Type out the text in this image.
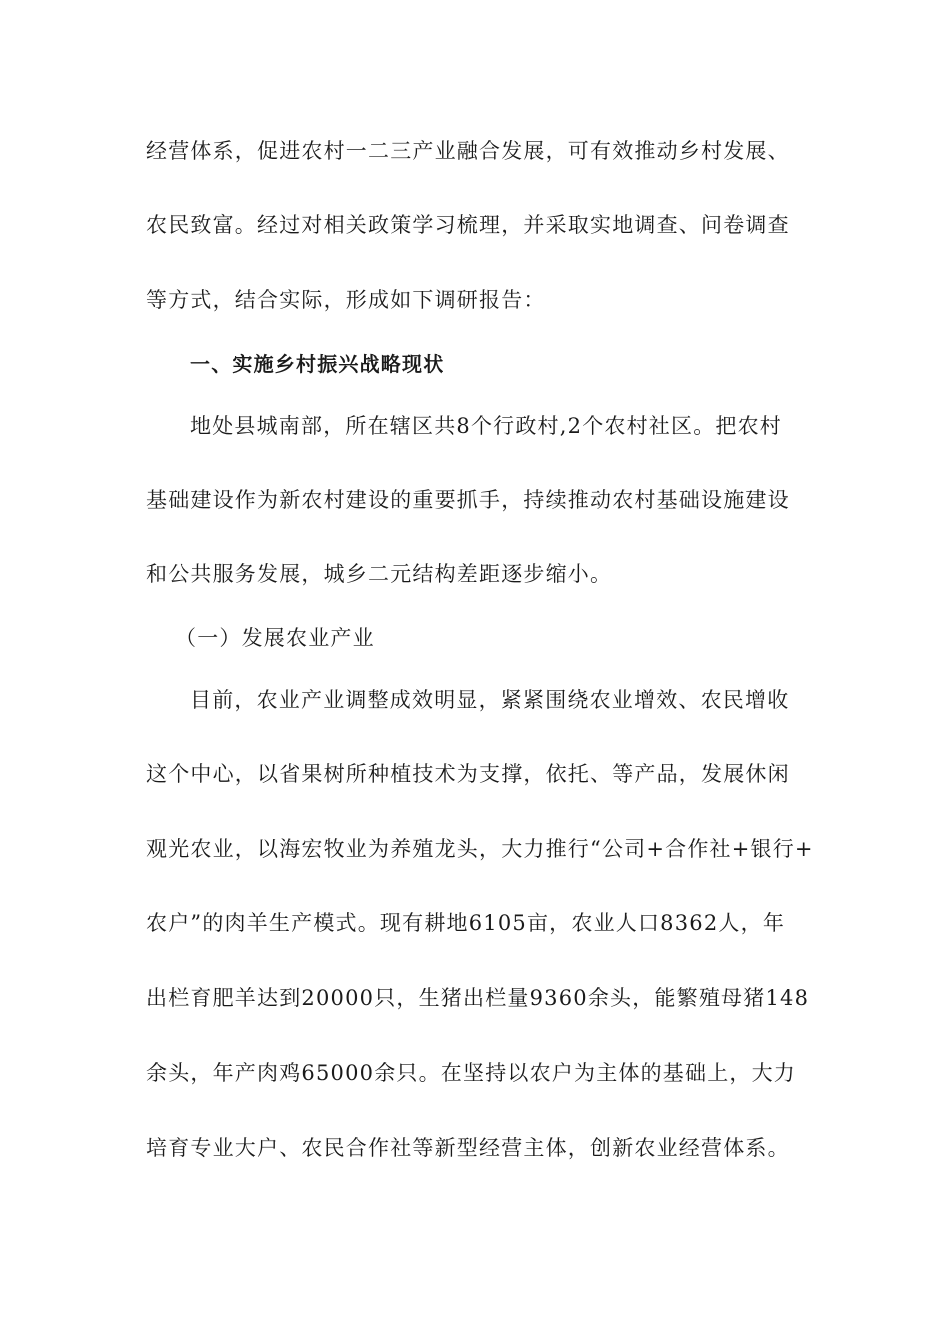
经营体系，促进农村一二三产业融合发展，可有效推动乡村发展、
农民致富。经过对相关政策学习梳理，并采取实地调查、问卷调查
等方式，结合实际，形成如下调研报告：
一、实施乡村振兴战略现状
地处县城南部，所在辖区共8个行政村,2个农村社区。把农村
基础建设作为新农村建设的重要抓手，持续推动农村基础设施建设
和公共服务发展，城乡二元结构差距逐步缩小。
（一）发展农业产业
目前，农业产业调整成效明显，紧紧围绕农业增效、农民增收
这个中心，以省果树所种植技术为支撑，依托、等产品，发展休闲
观光农业，以海宏牧业为养殖龙头，大力推行“公司+合作社+银行+
农户”的肉羊生产模式。现有耕地6105亩，农业人口8362人，年
出栏育肥羊达到20000只，生猪出栏量9360余头，能繁殖母猪148
余头，年产肉鸡65000余只。在坚持以农户为主体的基础上，大力
培育专业大户、农民合作社等新型经营主体，创新农业经营体系。
